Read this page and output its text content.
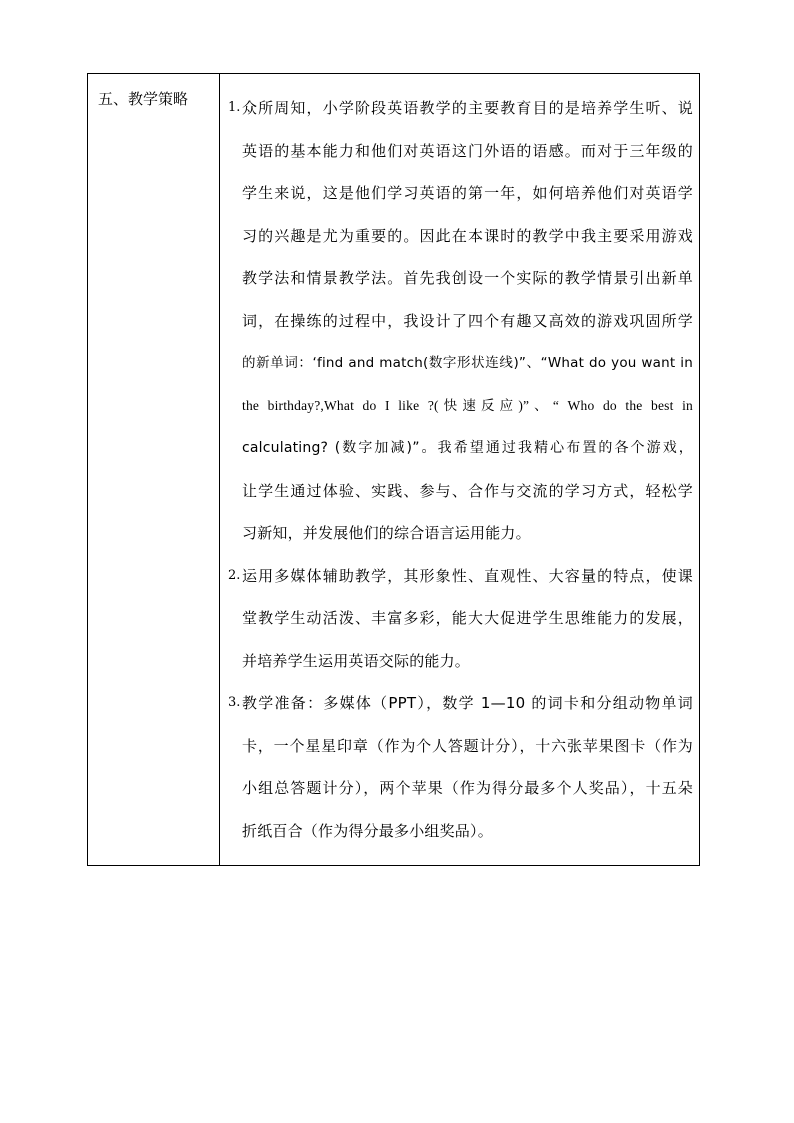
五、教学策略	1. 众所周知，小学阶段英语教学的主要教育目的是培养学生听、说
英语的基本能力和他们对英语这门外语的语感。而对于三年级的
学生来说，这是他们学习英语的第一年，如何培养他们对英语学
习的兴趣是尤为重要的。因此在本课时的教学中我主要采用游戏
教学法和情景教学法。首先我创设一个实际的教学情景引出新单
词，在操练的过程中，我设计了四个有趣又高效的游戏巩固所学
的新单词：‘find and match(数字形状连线)”、“What do you want in
the birthday?,What do I like ?(快速反应)”、“ Who do the best in
calculating? (数字加减)”。我希望通过我精心布置的各个游戏，
让学生通过体验、实践、参与、合作与交流的学习方式，轻松学
习新知，并发展他们的综合语言运用能力。
2. 运用多媒体辅助教学，其形象性、直观性、大容量的特点，使课
堂教学生动活泼、丰富多彩，能大大促进学生思维能力的发展，
并培养学生运用英语交际的能力。
3. 教学准备：多媒体（PPT），数学 1—10 的词卡和分组动物单词
卡，一个星星印章（作为个人答题计分），十六张苹果图卡（作为
小组总答题计分），两个苹果（作为得分最多个人奖品），十五朵
折纸百合（作为得分最多小组奖品）。
